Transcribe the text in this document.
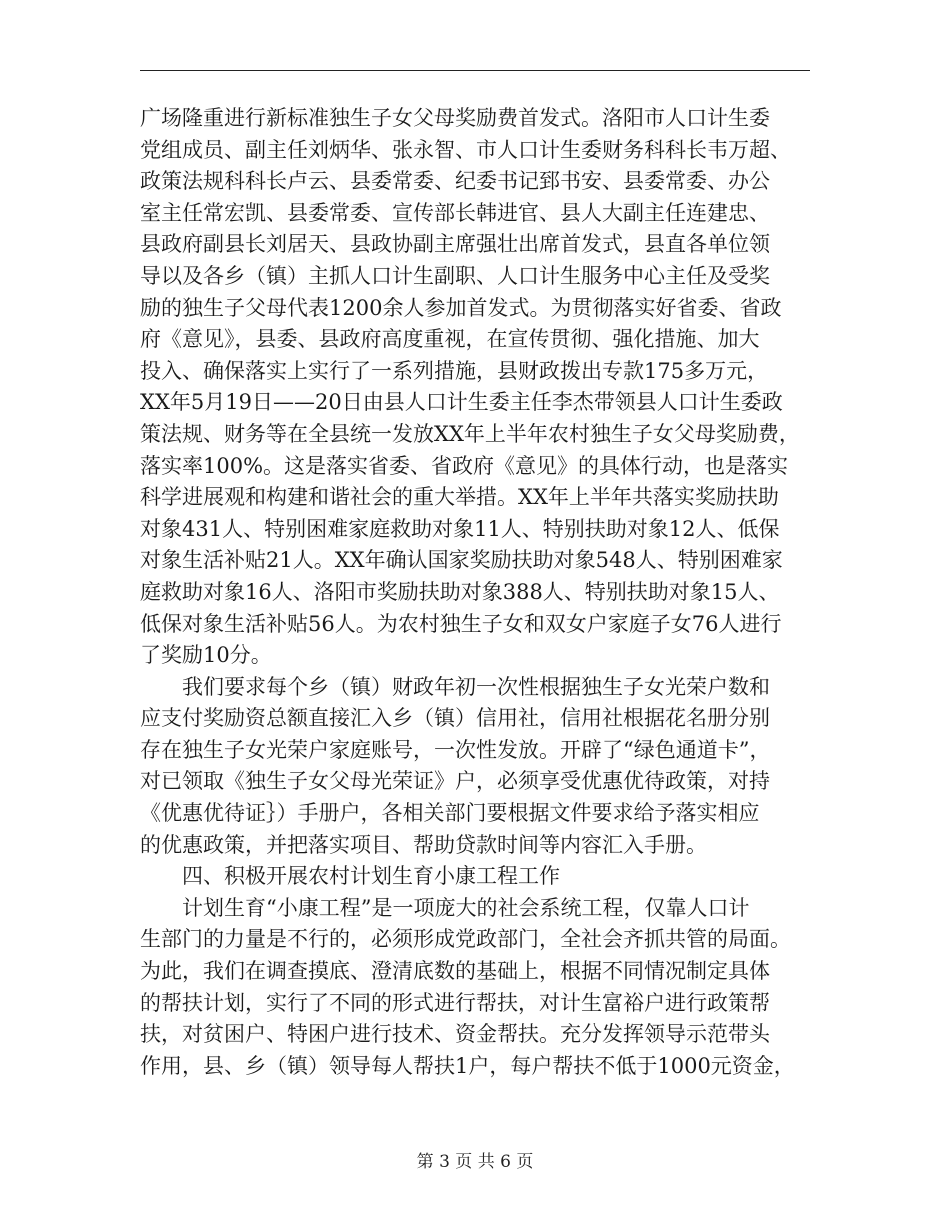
广场隆重进行新标准独生子女父母奖励费首发式。洛阳市人口计生委
党组成员、副主任刘炳华、张永智、市人口计生委财务科科长韦万超、
政策法规科科长卢云、县委常委、纪委书记郅书安、县委常委、办公
室主任常宏凯、县委常委、宣传部长韩进官、县人大副主任连建忠、
县政府副县长刘居天、县政协副主席强壮出席首发式，县直各单位领
导以及各乡（镇）主抓人口计生副职、人口计生服务中心主任及受奖
励的独生子父母代表1200余人参加首发式。为贯彻落实好省委、省政
府《意见》，县委、县政府高度重视，在宣传贯彻、强化措施、加大
投入、确保落实上实行了一系列措施，县财政拨出专款175多万元，
XX年5月19日——20日由县人口计生委主任李杰带领县人口计生委政
策法规、财务等在全县统一发放XX年上半年农村独生子女父母奖励费，
落实率100%。这是落实省委、省政府《意见》的具体行动，也是落实
科学进展观和构建和谐社会的重大举措。XX年上半年共落实奖励扶助
对象431人、特别困难家庭救助对象11人、特别扶助对象12人、低保
对象生活补贴21人。XX年确认国家奖励扶助对象548人、特别困难家
庭救助对象16人、洛阳市奖励扶助对象388人、特别扶助对象15人、
低保对象生活补贴56人。为农村独生子女和双女户家庭子女76人进行
了奖励10分。
我们要求每个乡（镇）财政年初一次性根据独生子女光荣户数和
应支付奖励资总额直接汇入乡（镇）信用社，信用社根据花名册分别
存在独生子女光荣户家庭账号，一次性发放。开辟了“绿色通道卡”，
对已领取《独生子女父母光荣证》户，必须享受优惠优待政策，对持
《优惠优待证｝）手册户，各相关部门要根据文件要求给予落实相应
的优惠政策，并把落实项目、帮助贷款时间等内容汇入手册。
四、积极开展农村计划生育小康工程工作
计划生育“小康工程”是一项庞大的社会系统工程，仅靠人口计
生部门的力量是不行的，必须形成党政部门，全社会齐抓共管的局面。
为此，我们在调查摸底、澄清底数的基础上，根据不同情况制定具体
的帮扶计划，实行了不同的形式进行帮扶，对计生富裕户进行政策帮
扶，对贫困户、特困户进行技术、资金帮扶。充分发挥领导示范带头
作用，县、乡（镇）领导每人帮扶1户，每户帮扶不低于1000元资金，
第 3 页 共 6 页
